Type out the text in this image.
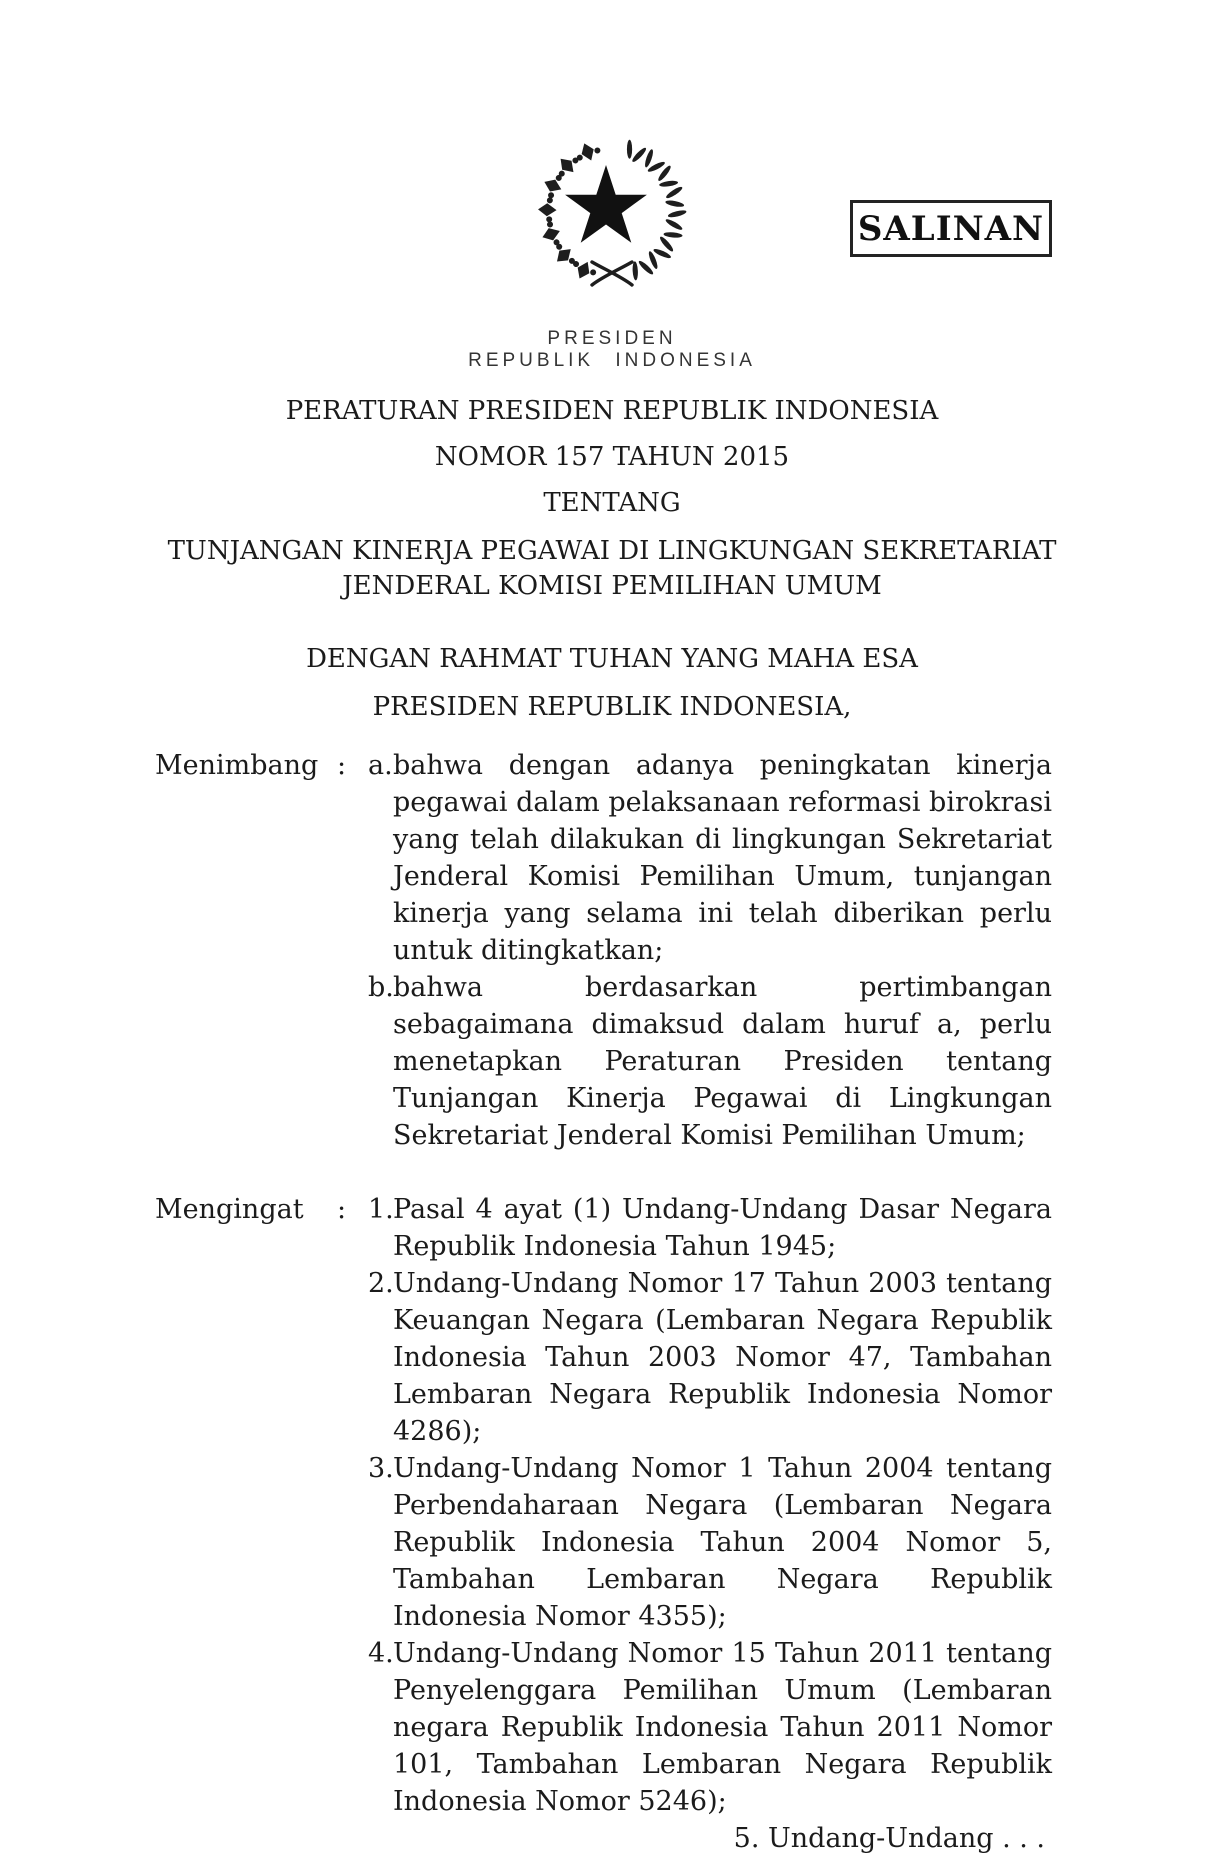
SALINAN
PRESIDEN
REPUBLIK INDONESIA
PERATURAN PRESIDEN REPUBLIK INDONESIA
NOMOR 157 TAHUN 2015
TENTANG
TUNJANGAN KINERJA PEGAWAI DI LINGKUNGAN SEKRETARIAT
JENDERAL KOMISI PEMILIHAN UMUM
DENGAN RAHMAT TUHAN YANG MAHA ESA
PRESIDEN REPUBLIK INDONESIA,
Menimbang : a. bahwa dengan adanya peningkatan kinerja pegawai dalam pelaksanaan reformasi birokrasi yang telah dilakukan di lingkungan Sekretariat Jenderal Komisi Pemilihan Umum, tunjangan kinerja yang selama ini telah diberikan perlu untuk ditingkatkan;

b. bahwa berdasarkan pertimbangan sebagaimana dimaksud dalam huruf a, perlu menetapkan Peraturan Presiden tentang Tunjangan Kinerja Pegawai di Lingkungan Sekretariat Jenderal Komisi Pemilihan Umum;

Mengingat	: 1. Pasal 4 ayat (1) Undang-Undang Dasar Negara Republik Indonesia Tahun 1945;

2. Undang-Undang Nomor 17 Tahun 2003 tentang Keuangan Negara (Lembaran Negara Republik Indonesia Tahun 2003 Nomor 47, Tambahan Lembaran Negara Republik Indonesia Nomor 4286);

3. Undang-Undang Nomor 1 Tahun 2004 tentang Perbendaharaan Negara (Lembaran Negara Republik Indonesia Tahun 2004 Nomor 5, Tambahan Lembaran Negara Republik Indonesia Nomor 4355);

4. Undang-Undang Nomor 15 Tahun 2011 tentang Penyelenggara Pemilihan Umum (Lembaran negara Republik Indonesia Tahun 2011 Nomor 101, Tambahan Lembaran Negara Republik Indonesia Nomor 5246);

5. Undang-Undang . . .
